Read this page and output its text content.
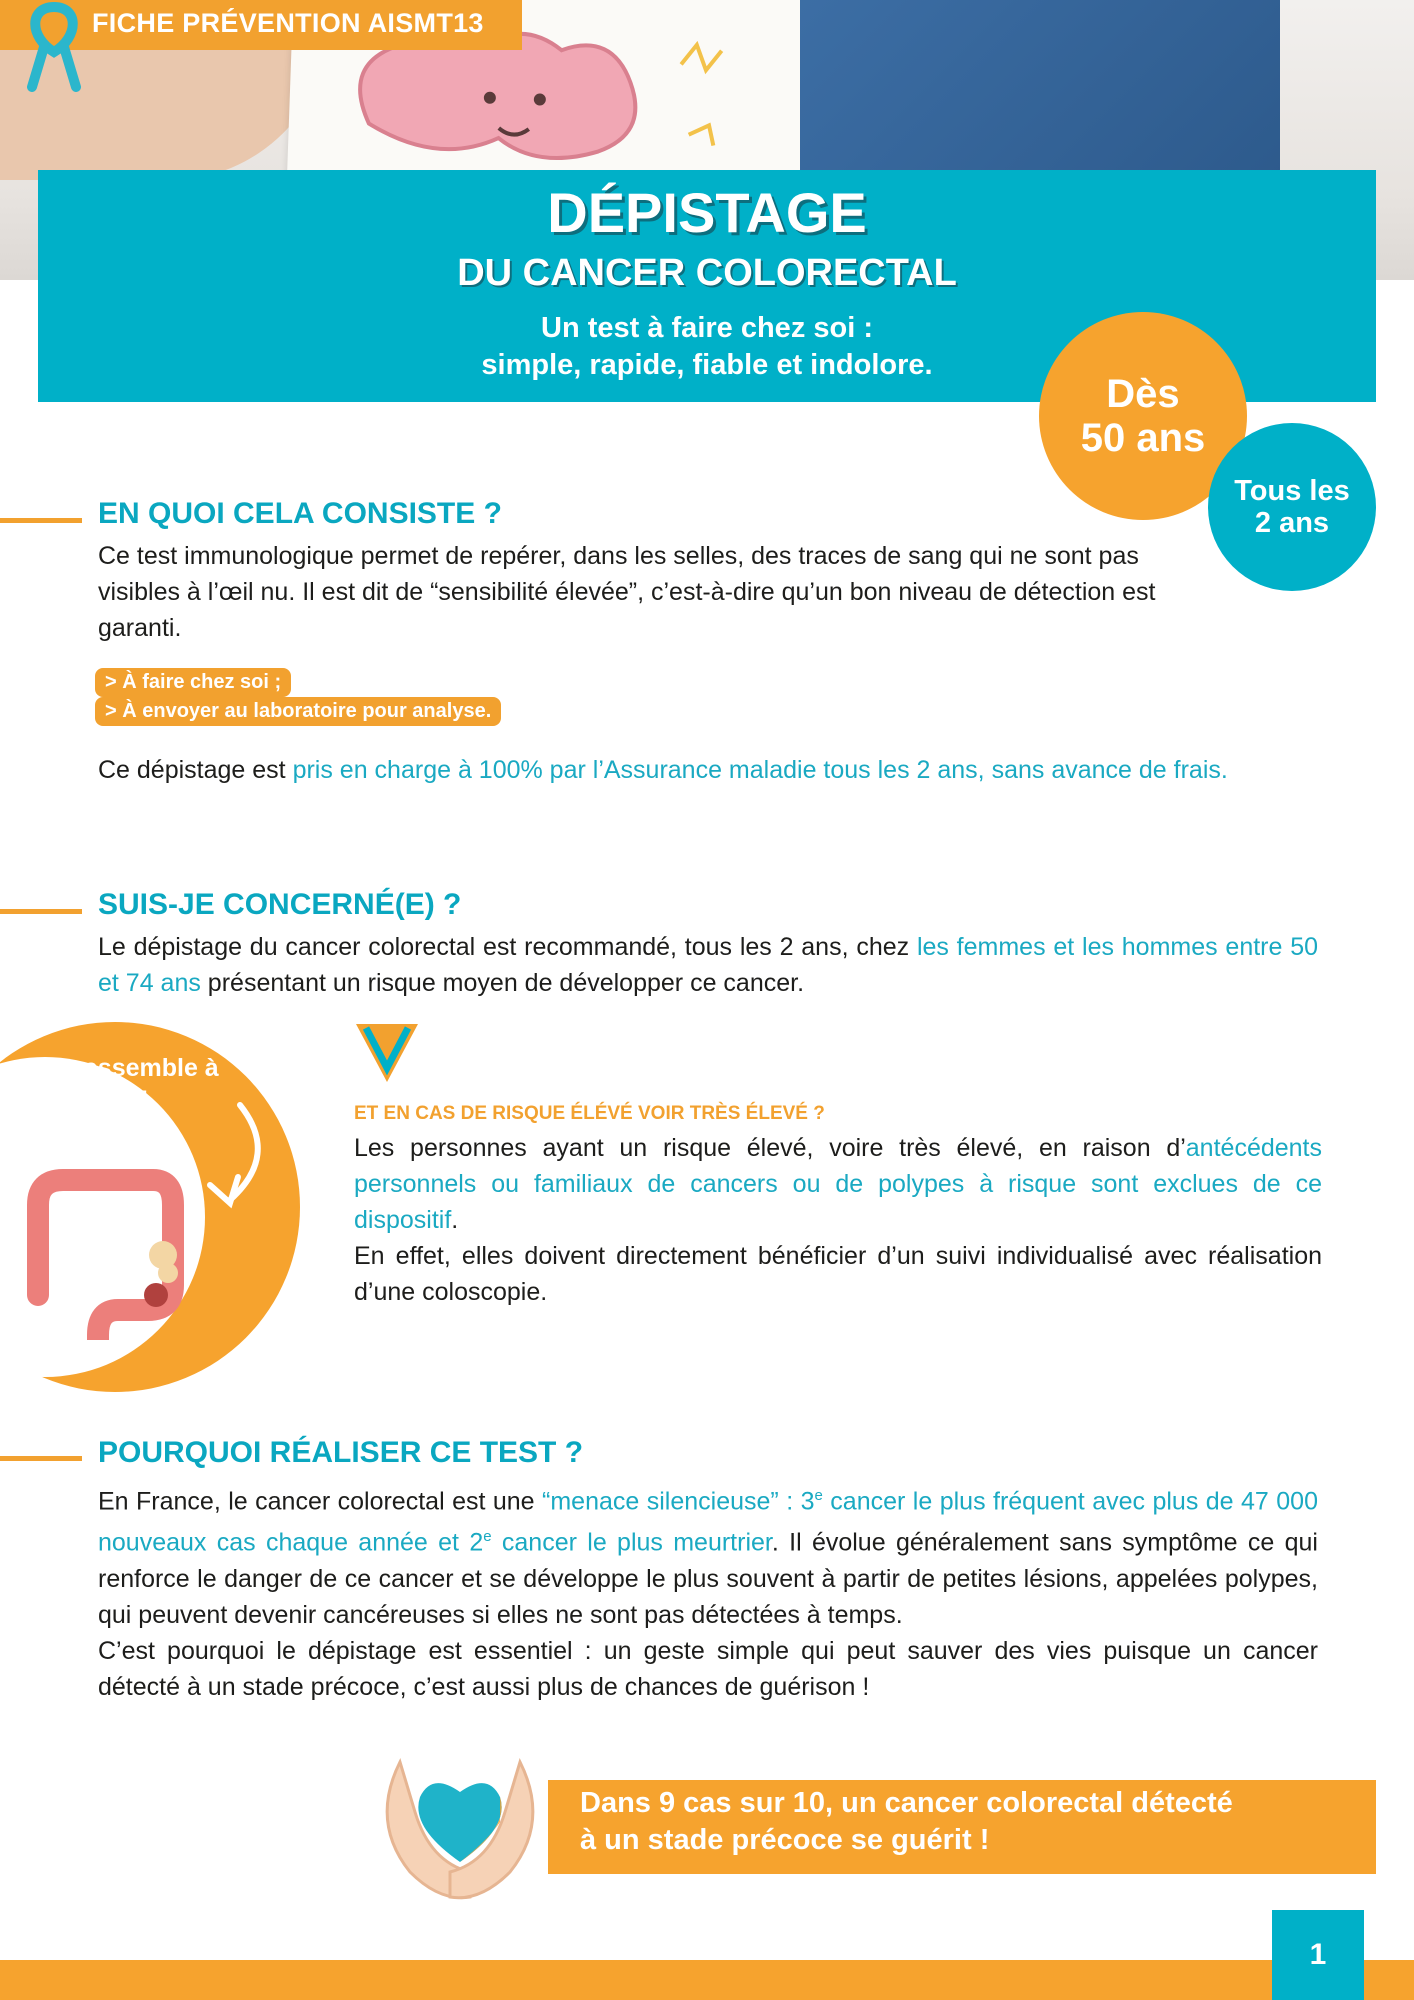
FICHE PRÉVENTION AISMT13
DÉPISTAGE
DU CANCER COLORECTAL
Un test à faire chez soi :
simple, rapide, fiable et indolore.
Dès
50 ans
Tous les
2 ans
EN QUOI CELA CONSISTE ?
Ce test immunologique permet de repérer, dans les selles, des traces de sang qui ne sont pas visibles à l’œil nu. Il est dit de “sensibilité élevée”, c’est-à-dire qu’un bon niveau de détection est garanti.
> À faire chez soi ;
> À envoyer au laboratoire pour analyse.
Ce dépistage est pris en charge à 100% par l’Assurance maladie tous les 2 ans, sans avance de frais.
SUIS-JE CONCERNÉ(E) ?
Le dépistage du cancer colorectal est recommandé, tous les 2 ans, chez les femmes et les hommes entre 50 et 74 ans présentant un risque moyen de développer ce cancer.
Ca ressemble à ça !	ET EN CAS DE RISQUE ÉLÉVÉ VOIR TRÈS ÉLEVÉ ?
Les personnes ayant un risque élevé, voire très élevé, en raison d’antécédents personnels ou familiaux de cancers ou de polypes à risque sont exclues de ce dispositif.
En effet, elles doivent directement bénéficier d’un suivi individualisé avec réalisation d’une coloscopie.
POURQUOI RÉALISER CE TEST ?
En France, le cancer colorectal est une “menace silencieuse” : 3e cancer le plus fréquent avec plus de 47 000 nouveaux cas chaque année et 2e cancer le plus meurtrier. Il évolue généralement sans symptôme ce qui renforce le danger de ce cancer et se développe le plus souvent à partir de petites lésions, appelées polypes, qui peuvent devenir cancéreuses si elles ne sont pas détectées à temps.
C’est pourquoi le dépistage est essentiel : un geste simple qui peut sauver des vies puisque un cancer détecté à un stade précoce, c’est aussi plus de chances de guérison !
Dans 9 cas sur 10, un cancer colorectal détecté
à un stade précoce se guérit !
1
